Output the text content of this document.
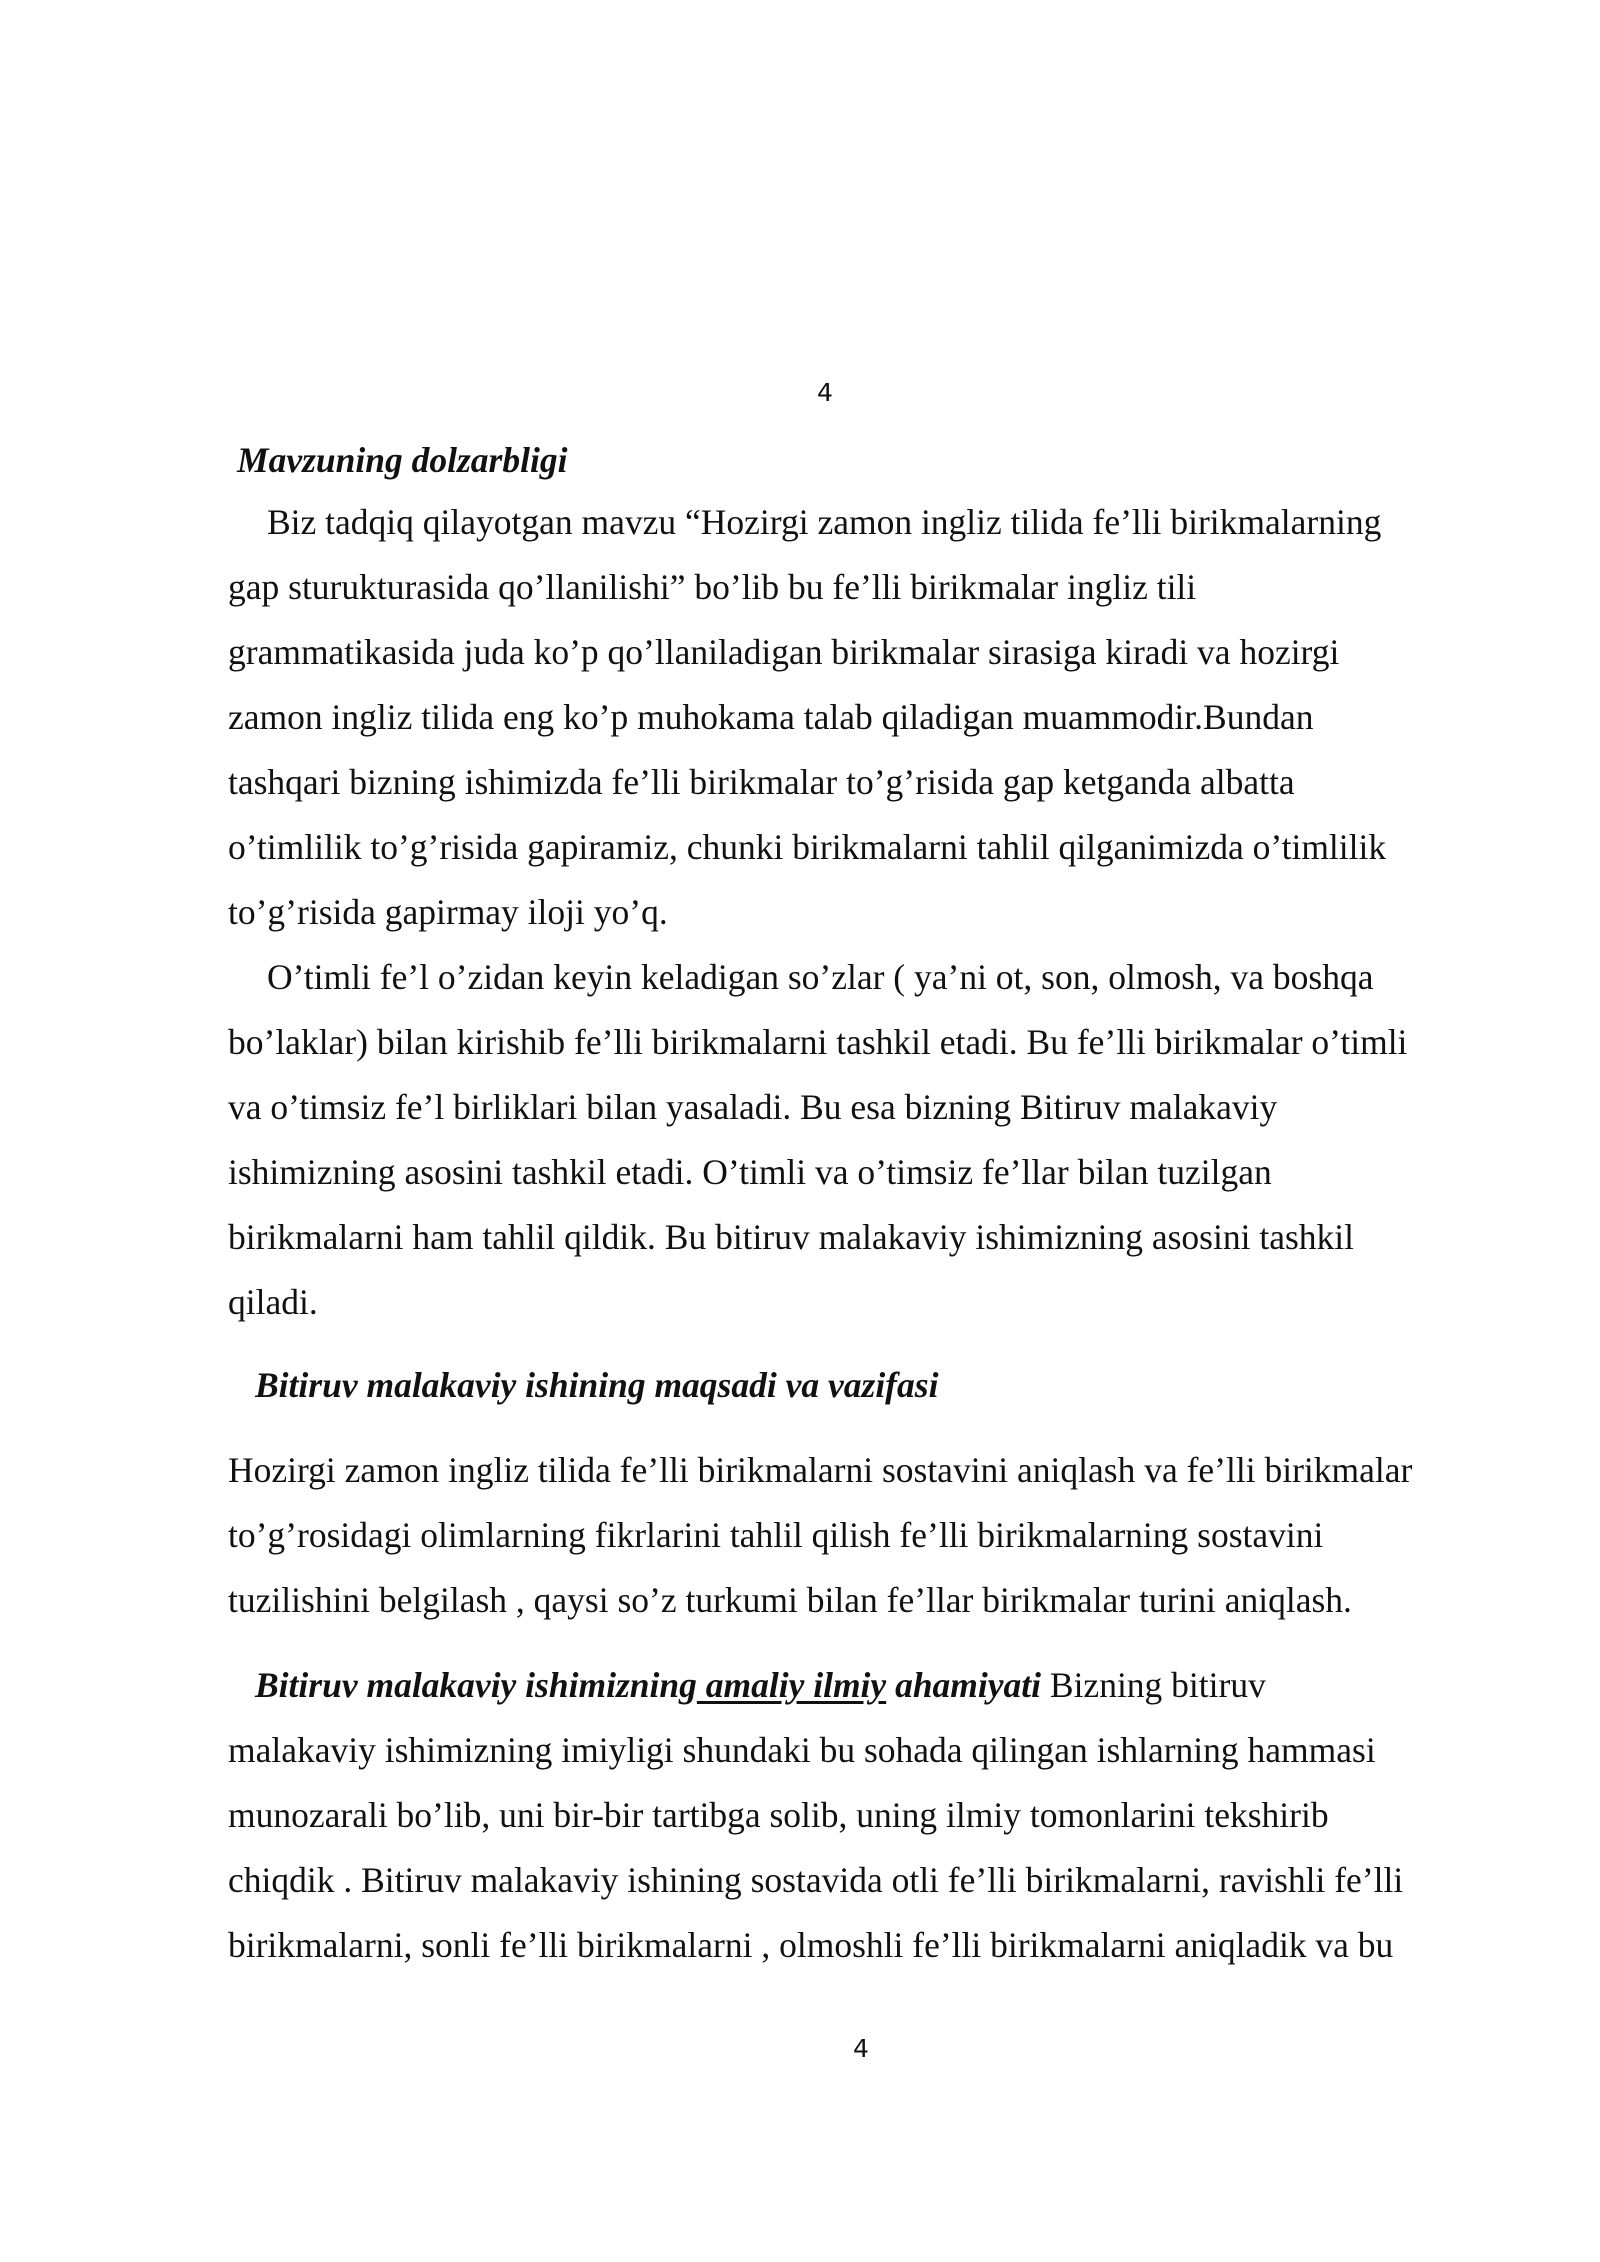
4
Mavzuning dolzarbligi
Biz tadqiq qilayotgan mavzu “Hozirgi zamon ingliz tilida fe’lli birikmalarning
gap sturukturasida qo’llanilishi” bo’lib bu fe’lli birikmalar ingliz tili
grammatikasida juda ko’p qo’llaniladigan birikmalar sirasiga kiradi va hozirgi
zamon ingliz tilida eng ko’p muhokama talab qiladigan muammodir.Bundan
tashqari bizning ishimizda fe’lli birikmalar to’g’risida gap ketganda albatta
o’timlilik to’g’risida gapiramiz, chunki birikmalarni tahlil qilganimizda o’timlilik
to’g’risida gapirmay iloji yo’q.
O’timli fe’l o’zidan keyin keladigan so’zlar ( ya’ni ot, son, olmosh, va boshqa
bo’laklar) bilan kirishib fe’lli birikmalarni tashkil etadi. Bu fe’lli birikmalar o’timli
va o’timsiz fe’l birliklari bilan yasaladi. Bu esa bizning Bitiruv malakaviy
ishimizning asosini tashkil etadi. O’timli va o’timsiz fe’llar bilan tuzilgan
birikmalarni ham tahlil qildik. Bu bitiruv malakaviy ishimizning asosini tashkil
qiladi.
Bitiruv malakaviy ishining maqsadi va vazifasi
Hozirgi zamon ingliz tilida fe’lli birikmalarni sostavini aniqlash va fe’lli birikmalar
to’g’rosidagi olimlarning fikrlarini tahlil qilish fe’lli birikmalarning sostavini
tuzilishini belgilash , qaysi so’z turkumi bilan fe’llar birikmalar turini aniqlash.
Bitiruv malakaviy ishimizning amaliy ilmiy ahamiyati Bizning bitiruv
malakaviy ishimizning imiyligi shundaki bu sohada qilingan ishlarning hammasi
munozarali bo’lib, uni bir-bir tartibga solib, uning ilmiy tomonlarini tekshirib
chiqdik . Bitiruv malakaviy ishining sostavida otli fe’lli birikmalarni, ravishli fe’lli
birikmalarni, sonli fe’lli birikmalarni , olmoshli fe’lli birikmalarni aniqladik va bu
4
